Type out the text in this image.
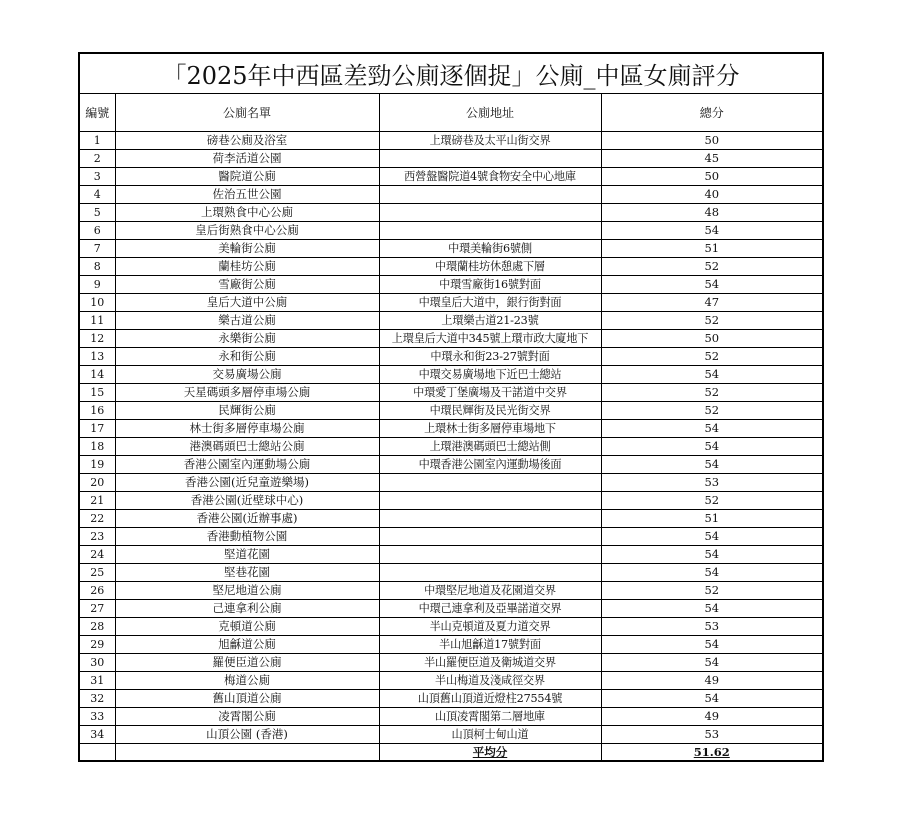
「2025年中西區差勁公廁逐個捉」公廁_中區女廁評分			
編號	公廁名單	公廁地址	總分
1	磅巷公廁及浴室	上環磅巷及太平山街交界	50
2	荷李活道公園		45
3	醫院道公廁	西營盤醫院道4號食物安全中心地庫	50
4	佐治五世公園		40
5	上環熟食中心公廁		48
6	皇后街熟食中心公廁		54
7	美輪街公廁	中環美輪街6號側	51
8	蘭桂坊公廁	中環蘭桂坊休憩處下層	52
9	雪廠街公廁	中環雪廠街16號對面	54
10	皇后大道中公廁	中環皇后大道中，銀行街對面	47
11	樂古道公廁	上環樂古道21-23號	52
12	永樂街公廁	上環皇后大道中345號上環市政大廈地下	50
13	永和街公廁	中環永和街23-27號對面	52
14	交易廣場公廁	中環交易廣場地下近巴士總站	54
15	天星碼頭多層停車場公廁	中環愛丁堡廣場及干諾道中交界	52
16	民輝街公廁	中環民輝街及民光街交界	52
17	林士街多層停車場公廁	上環林士街多層停車場地下	54
18	港澳碼頭巴士總站公廁	上環港澳碼頭巴士總站側	54
19	香港公園室內運動場公廁	中環香港公園室內運動場後面	54
20	香港公園(近兒童遊樂場)		53
21	香港公園(近壁球中心)		52
22	香港公園(近辦事處)		51
23	香港動植物公園		54
24	堅道花園		54
25	堅巷花園		54
26	堅尼地道公廁	中環堅尼地道及花園道交界	52
27	己連拿利公廁	中環己連拿利及亞畢諾道交界	54
28	克頓道公廁	半山克頓道及夏力道交界	53
29	旭龢道公廁	半山旭龢道17號對面	54
30	羅便臣道公廁	半山羅便臣道及衛城道交界	54
31	梅道公廁	半山梅道及淺咸徑交界	49
32	舊山頂道公廁	山頂舊山頂道近燈柱27554號	54
33	凌霄閣公廁	山頂凌霄閣第二層地庫	49
34	山頂公園 (香港)	山頂柯士甸山道	53
		平均分	51.62
